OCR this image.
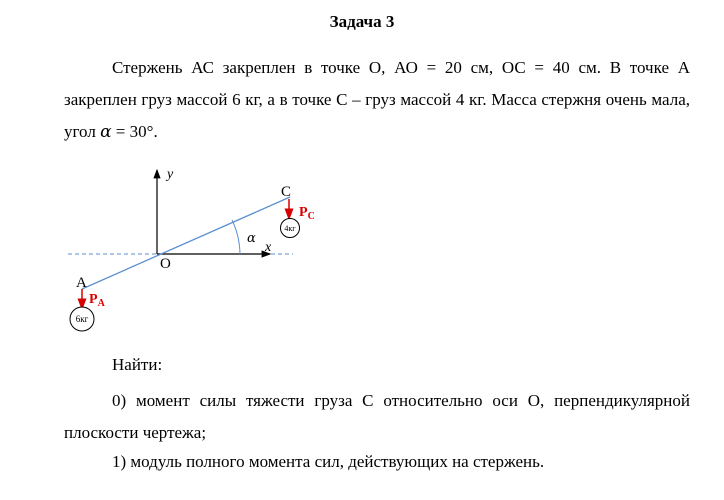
Задача 3
Стержень АС закреплен в точке О, АО = 20 см, ОС = 40 см. В точке А закреплен груз массой 6 кг, а в точке С – груз массой 4 кг. Масса стержня очень мала, угол α = 30°.
4кг
6кг
y
x
O
A
C
α
$P_C$
$P_A$
Найти:
0) момент силы тяжести груза С относительно оси О, перпендикулярной плоскости чертежа;
1) модуль полного момента сил, действующих на стержень.
